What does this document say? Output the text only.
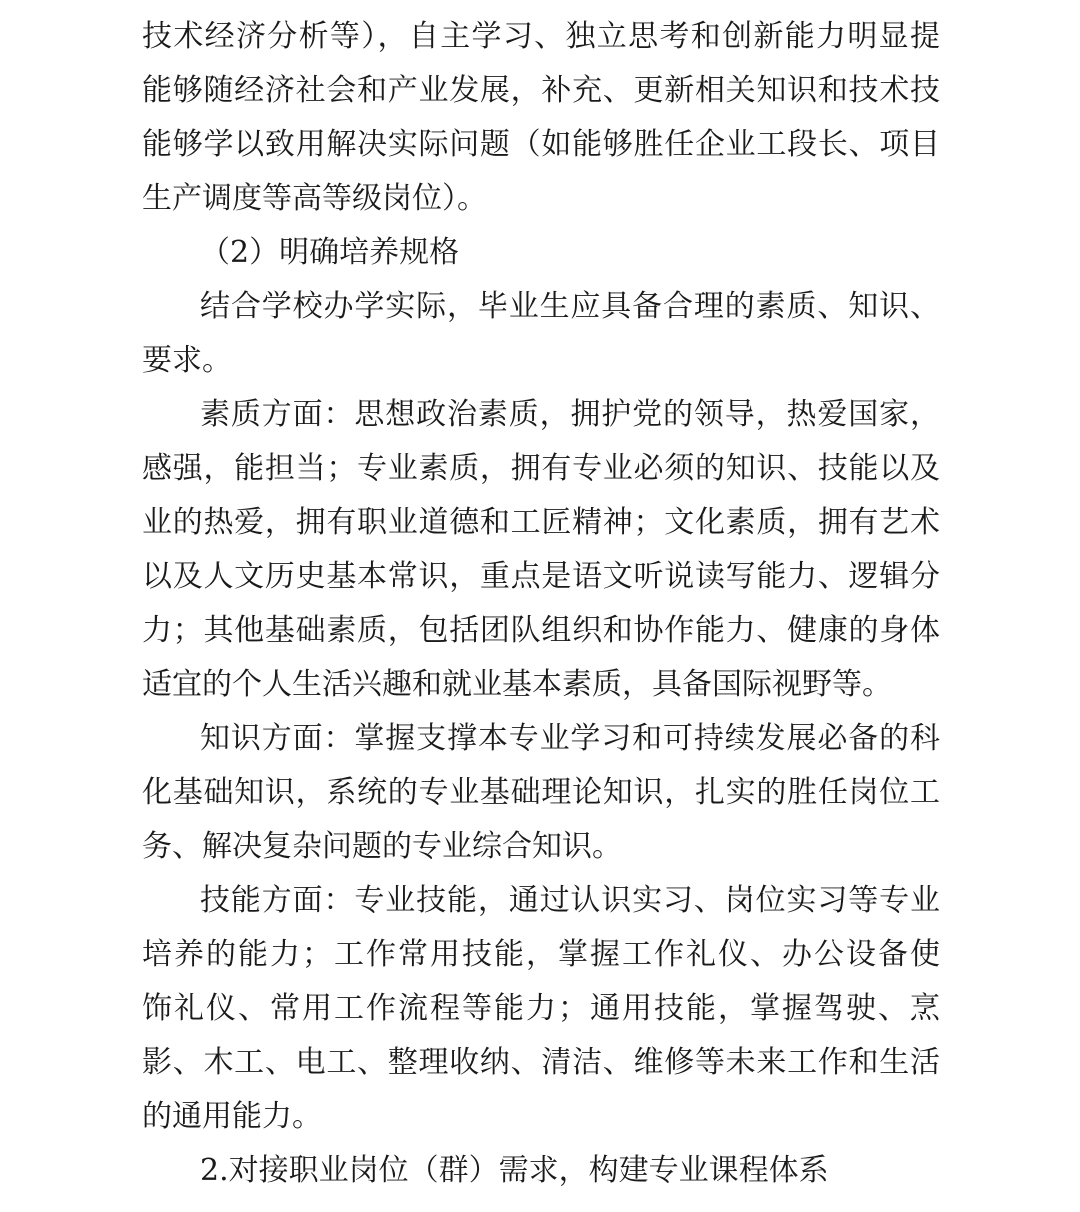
技术经济分析等），自主学习、独立思考和创新能力明显提
能够随经济社会和产业发展，补充、更新相关知识和技术技
能够学以致用解决实际问题（如能够胜任企业工段长、项目
生产调度等高等级岗位）。
（2）明确培养规格
结合学校办学实际，毕业生应具备合理的素质、知识、
要求。
素质方面：思想政治素质，拥护党的领导，热爱国家，
感强，能担当；专业素质，拥有专业必须的知识、技能以及
业的热爱，拥有职业道德和工匠精神；文化素质，拥有艺术
以及人文历史基本常识，重点是语文听说读写能力、逻辑分
力；其他基础素质，包括团队组织和协作能力、健康的身体
适宜的个人生活兴趣和就业基本素质，具备国际视野等。
知识方面：掌握支撑本专业学习和可持续发展必备的科
化基础知识，系统的专业基础理论知识，扎实的胜任岗位工
务、解决复杂问题的专业综合知识。
技能方面：专业技能，通过认识实习、岗位实习等专业
培养的能力；工作常用技能，掌握工作礼仪、办公设备使
饰礼仪、常用工作流程等能力；通用技能，掌握驾驶、烹
影、木工、电工、整理收纳、清洁、维修等未来工作和生活
的通用能力。
2.对接职业岗位（群）需求，构建专业课程体系
